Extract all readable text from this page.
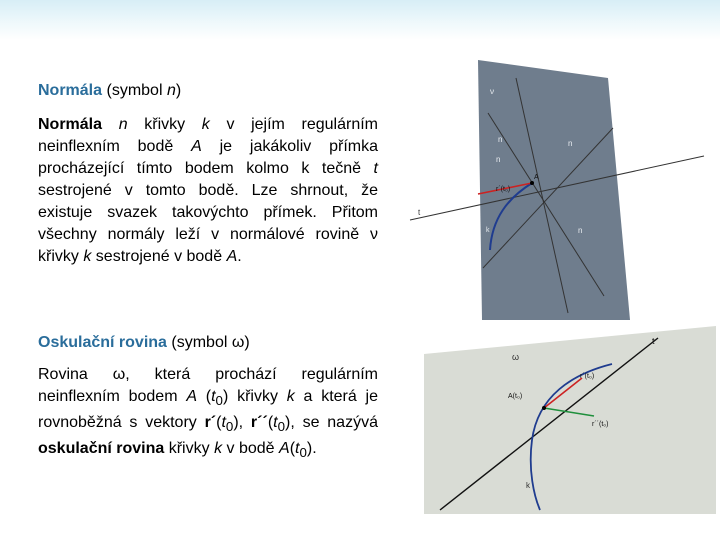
Normála (symbol n)
Normála n křivky k v jejím regulárním neinflexním bodě A je jakákoliv přímka procházející tímto bodem kolmo k tečně t sestrojené v tomto bodě. Lze shrnout, že existuje svazek takovýchto přímek. Přitom všechny normály leží v normálové rovině ν křivky k sestrojené v bodě A.
Oskulační rovina (symbol ω)
Rovina ω, která prochází regulárním neinflexním bodem A $(t_0)$ křivky k a která je rovnoběžná s vektory $r´(t_0)$, $r´´(t_0)$, se nazývá oskulační rovina křivky k v bodě $A(t_0)$.
ν
n
n
n
t
r´(t₀)
A
k	n
t
ω
A(t₀)
r´(t₀)
r´´(t₀)
k
